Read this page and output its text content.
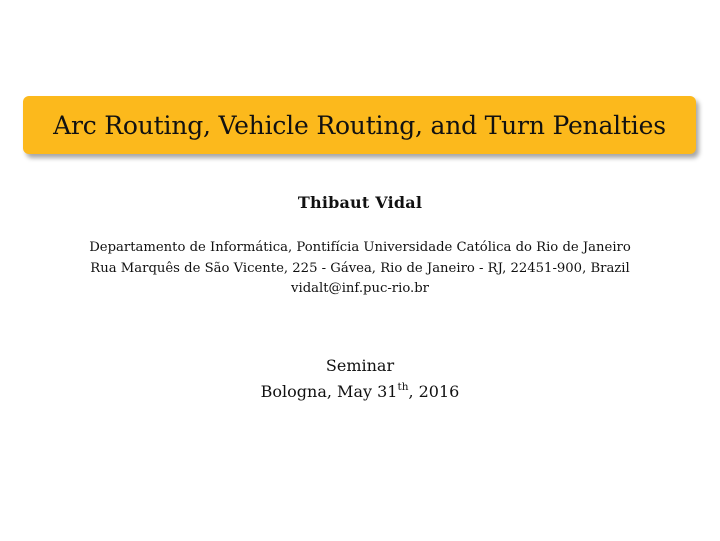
Arc Routing, Vehicle Routing, and Turn Penalties
Thibaut Vidal
Departamento de Informática, Pontifícia Universidade Católica do Rio de Janeiro
Rua Marquês de São Vicente, 225 - Gávea, Rio de Janeiro - RJ, 22451-900, Brazil
vidalt@inf.puc-rio.br
Seminar
Bologna, May 31th, 2016
